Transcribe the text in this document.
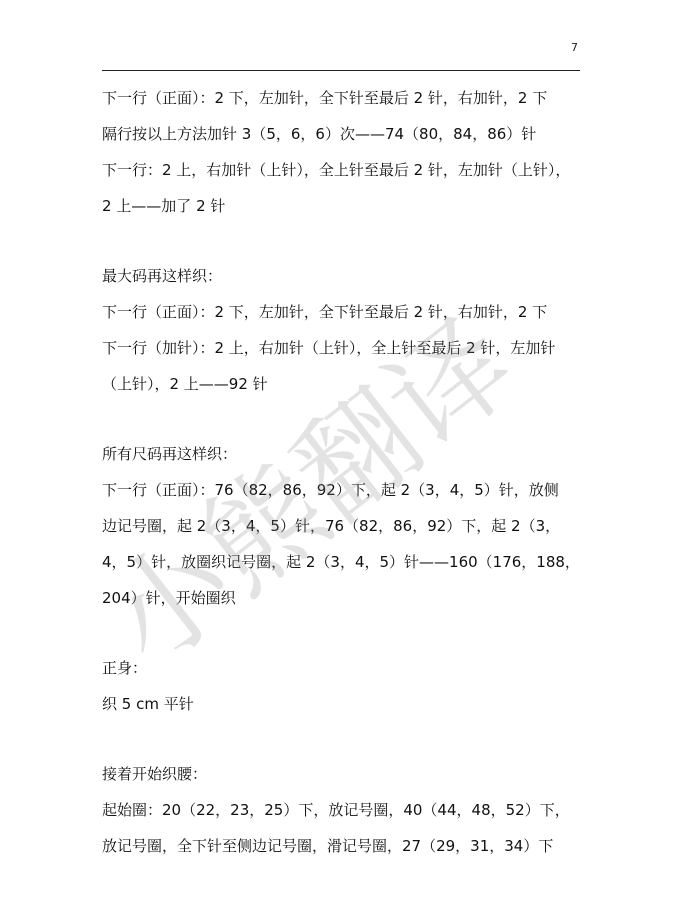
7
下一行（正面）：2 下，左加针，全下针至最后 2 针，右加针，2 下
隔行按以上方法加针 3（5，6，6）次——74（80，84，86）针
下一行：2 上，右加针（上针），全上针至最后 2 针，左加针（上针），
2 上——加了 2 针
最大码再这样织：
下一行（正面）：2 下，左加针，全下针至最后 2 针，右加针，2 下
下一行（加针）：2 上，右加针（上针），全上针至最后 2 针，左加针
（上针），2 上——92 针
所有尺码再这样织：
下一行（正面）：76（82，86，92）下，起 2（3，4，5）针，放侧
边记号圈，起 2（3，4，5）针，76（82，86，92）下，起 2（3，
4，5）针，放圈织记号圈，起 2（3，4，5）针——160（176，188，
204）针，开始圈织
正身：
织 5 cm 平针
接着开始织腰：
起始圈：20（22，23，25）下，放记号圈，40（44，48，52）下，
放记号圈，全下针至侧边记号圈，滑记号圈，27（29，31，34）下
小熊翻译
